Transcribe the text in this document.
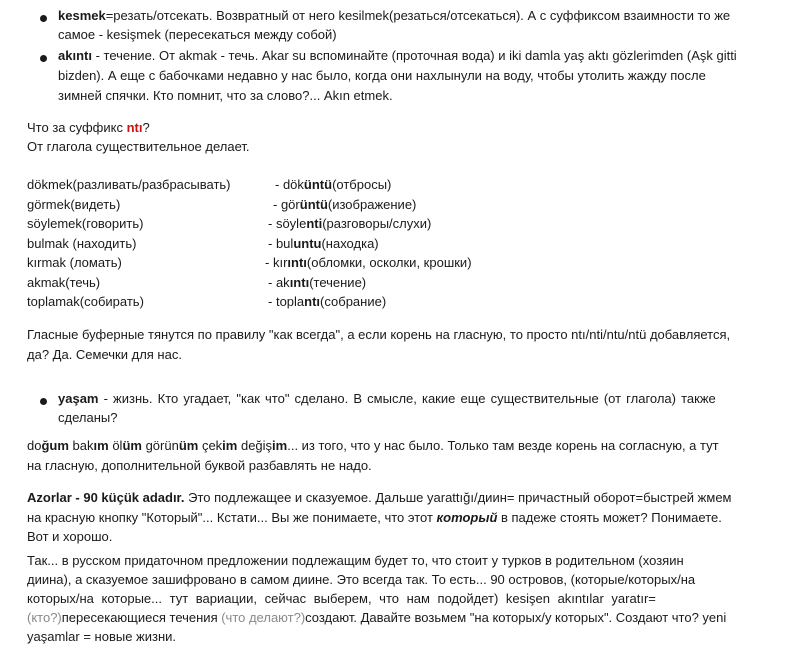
kesmek=резать/отсекать. Возвратный от него kesilmek(резаться/отсекаться). А с суффиксом взаимности то же
самое - kesişmek (пересекаться между собой)
akıntı - течение. От akmak - течь. Akar su вспоминайте (проточная вода) и iki damla yaş aktı gözlerimden (Aşk gitti
bizden). А еще с бабочками недавно у нас было, когда они нахлынули на воду, чтобы утолить жажду после
зимней спячки. Кто помнит, что за слово?... Akın etmek.
Что за суффикс ntı?
От глагола существительное делает.
dökmek(разливать/разбрасывать)	- döküntü(отбросы)
görmek(видеть)	- görüntü(изображение)
söylemek(говорить)	- söylenti(разговоры/слухи)
bulmak (находить)	- buluntu(находка)
kırmak (ломать)	- kırıntı(обломки, осколки, крошки)
akmak(течь)	- akıntı(течение)
toplamak(собирать)	- toplantı(собрание)
Гласные буферные тянутся по правилу "как всегда", а если корень на гласную, то просто ntı/nti/ntu/ntü добавляется,
да? Да. Семечки для нас.
yaşam - жизнь. Кто угадает, "как что" сделано. В смысле, какие еще существительные (от глагола) также
сделаны?
doğum bakım ölüm görünüm çekim değişim... из того, что у нас было. Только там везде корень на согласную, а тут
на гласную, дополнительной буквой разбавлять не надо.
Azorlar - 90 küçük adadır. Это подлежащее и сказуемое. Дальше yarattığı/диин= причастный оборот=быстрей жмем
на красную кнопку "Который"... Кстати... Вы же понимаете, что этот который в падеже стоять может? Понимаете.
Вот и хорошо.
Так... в русском придаточном предложении подлежащим будет то, что стоит у турков в родительном (хозяин
диина), а сказуемое зашифровано в самом диине. Это всегда так. То есть... 90 островов, (которые/которых/на
которых/на которые... тут вариации, сейчас выберем, что нам подойдет) kesişen akıntılar yaratır=
(кто?)пересекающиеся течения (что делают?)создают. Давайте возьмем "на которых/у которых". Создают что? yeni
yaşamlar = новые жизни.
